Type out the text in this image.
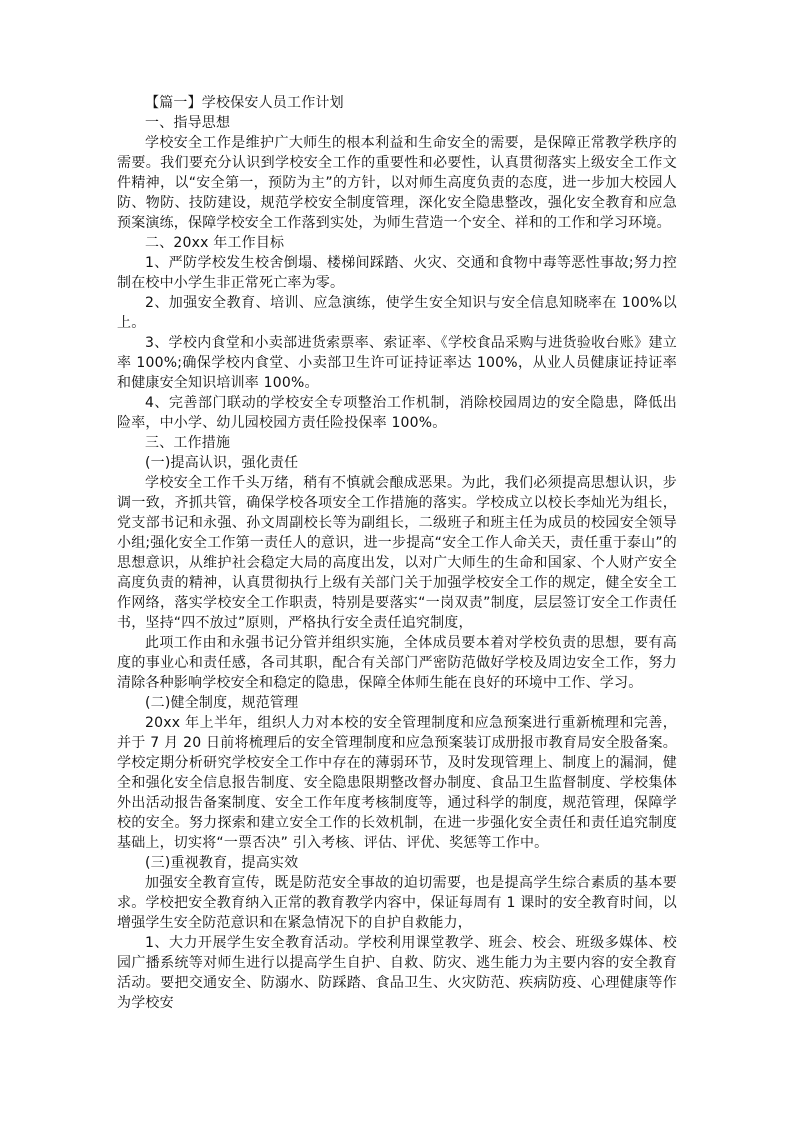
【篇一】学校保安人员工作计划

一、指导思想

学校安全工作是维护广大师生的根本利益和生命安全的需要，是保障正常教学秩序的需要。我们要充分认识到学校安全工作的重要性和必要性，认真贯彻落实上级安全工作文件精神，以“安全第一，预防为主”的方针，以对师生高度负责的态度，进一步加大校园人防、物防、技防建设，规范学校安全制度管理，深化安全隐患整改，强化安全教育和应急预案演练，保障学校安全工作落到实处，为师生营造一个安全、祥和的工作和学习环境。

二、20xx 年工作目标

1、严防学校发生校舍倒塌、楼梯间踩踏、火灾、交通和食物中毒等恶性事故;努力控制在校中小学生非正常死亡率为零。

2、加强安全教育、培训、应急演练，使学生安全知识与安全信息知晓率在 100%以上。

3、学校内食堂和小卖部进货索票率、索证率、《学校食品采购与进货验收台账》建立率 100%;确保学校内食堂、小卖部卫生许可证持证率达 100%，从业人员健康证持证率和健康安全知识培训率 100%。

4、完善部门联动的学校安全专项整治工作机制，消除校园周边的安全隐患，降低出险率，中小学、幼儿园校园方责任险投保率 100%。

三、工作措施

(一)提高认识，强化责任

学校安全工作千头万绪，稍有不慎就会酿成恶果。为此，我们必须提高思想认识，步调一致，齐抓共管，确保学校各项安全工作措施的落实。学校成立以校长李灿光为组长，党支部书记和永强、孙文周副校长等为副组长，二级班子和班主任为成员的校园安全领导小组;强化安全工作第一责任人的意识，进一步提高“安全工作人命关天，责任重于泰山”的思想意识，从维护社会稳定大局的高度出发，以对广大师生的生命和国家、个人财产安全高度负责的精神，认真贯彻执行上级有关部门关于加强学校安全工作的规定，健全安全工作网络，落实学校安全工作职责，特别是要落实“一岗双责”制度，层层签订安全工作责任书，坚持“四不放过”原则，严格执行安全责任追究制度，

此项工作由和永强书记分管并组织实施，全体成员要本着对学校负责的思想，要有高度的事业心和责任感，各司其职，配合有关部门严密防范做好学校及周边安全工作，努力清除各种影响学校安全和稳定的隐患，保障全体师生能在良好的环境中工作、学习。

(二)健全制度，规范管理

20xx 年上半年，组织人力对本校的安全管理制度和应急预案进行重新梳理和完善，并于 7 月 20 日前将梳理后的安全管理制度和应急预案装订成册报市教育局安全股备案。学校定期分析研究学校安全工作中存在的薄弱环节，及时发现管理上、制度上的漏洞，健全和强化安全信息报告制度、安全隐患限期整改督办制度、食品卫生监督制度、学校集体外出活动报告备案制度、安全工作年度考核制度等，通过科学的制度，规范管理，保障学校的安全。努力探索和建立安全工作的长效机制，在进一步强化安全责任和责任追究制度基础上，切实将“一票否决” 引入考核、评估、评优、奖惩等工作中。

(三)重视教育，提高实效

加强安全教育宣传，既是防范安全事故的迫切需要，也是提高学生综合素质的基本要求。学校把安全教育纳入正常的教育教学内容中，保证每周有 1 课时的安全教育时间，以增强学生安全防范意识和在紧急情况下的自护自救能力，

1、大力开展学生安全教育活动。学校利用课堂教学、班会、校会、班级多媒体、校园广播系统等对师生进行以提高学生自护、自救、防灾、逃生能力为主要内容的安全教育活动。要把交通安全、防溺水、防踩踏、食品卫生、火灾防范、疾病防疫、心理健康等作为学校安
